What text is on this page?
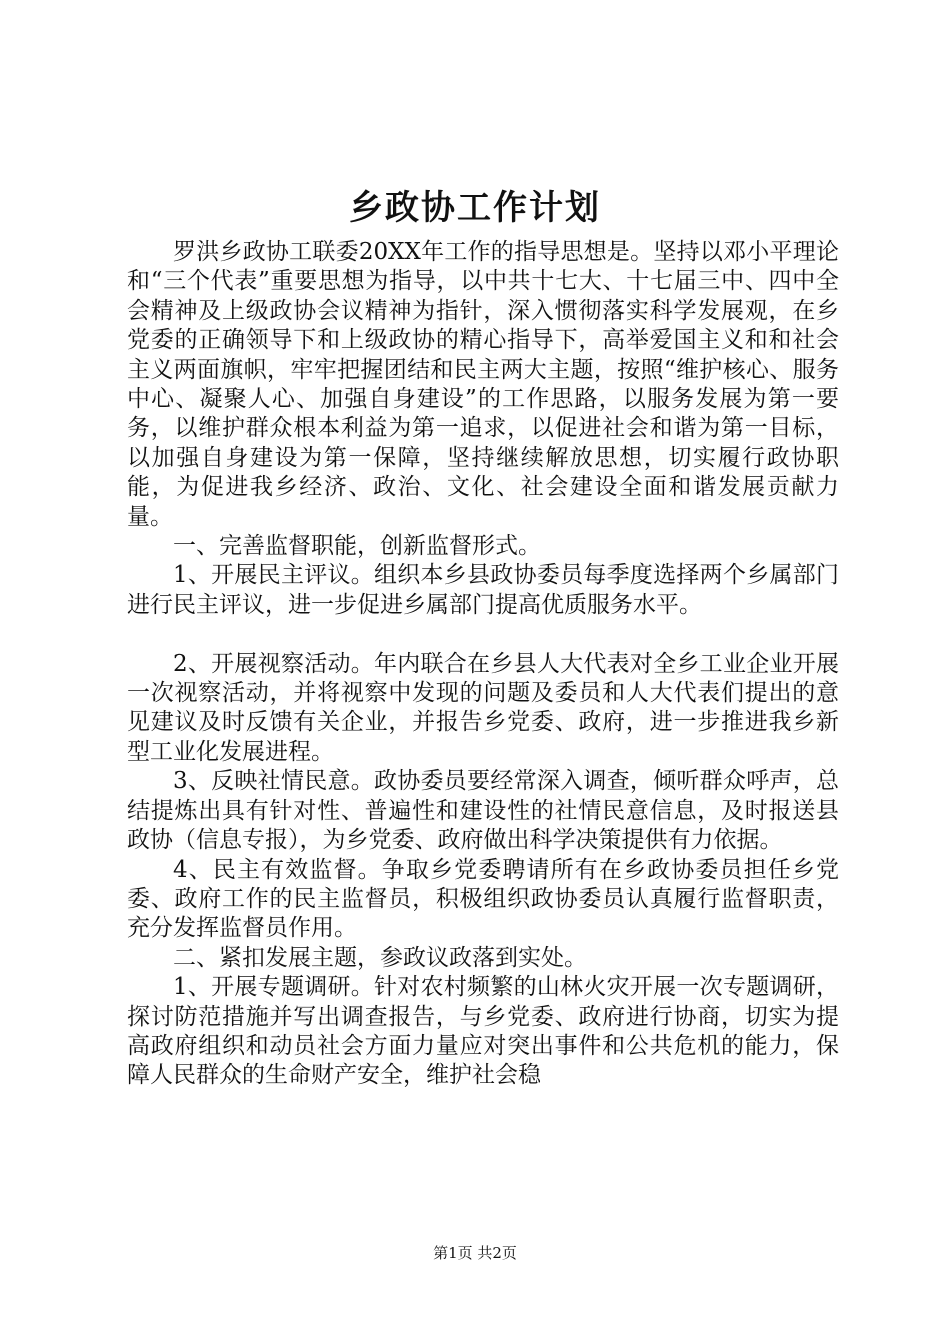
乡政协工作计划

罗洪乡政协工联委20XX年工作的指导思想是。坚持以邓小平理论和“三个代表”重要思想为指导，以中共十七大、十七届三中、四中全会精神及上级政协会议精神为指针，深入惯彻落实科学发展观，在乡党委的正确领导下和上级政协的精心指导下，高举爱国主义和和社会主义两面旗帜，牢牢把握团结和民主两大主题，按照“维护核心、服务中心、凝聚人心、加强自身建设”的工作思路，以服务发展为第一要务，以维护群众根本利益为第一追求，以促进社会和谐为第一目标，以加强自身建设为第一保障，坚持继续解放思想，切实履行政协职能，为促进我乡经济、政治、文化、社会建设全面和谐发展贡献力量。

一、完善监督职能，创新监督形式。

1、开展民主评议。组织本乡县政协委员每季度选择两个乡属部门进行民主评议，进一步促进乡属部门提高优质服务水平。

2、开展视察活动。年内联合在乡县人大代表对全乡工业企业开展一次视察活动，并将视察中发现的问题及委员和人大代表们提出的意见建议及时反馈有关企业，并报告乡党委、政府，进一步推进我乡新型工业化发展进程。

3、反映社情民意。政协委员要经常深入调查，倾听群众呼声，总结提炼出具有针对性、普遍性和建设性的社情民意信息，及时报送县政协（信息专报），为乡党委、政府做出科学决策提供有力依据。

4、民主有效监督。争取乡党委聘请所有在乡政协委员担任乡党委、政府工作的民主监督员，积极组织政协委员认真履行监督职责，充分发挥监督员作用。

二、紧扣发展主题，参政议政落到实处。

1、开展专题调研。针对农村频繁的山林火灾开展一次专题调研，探讨防范措施并写出调查报告，与乡党委、政府进行协商，切实为提高政府组织和动员社会方面力量应对突出事件和公共危机的能力，保障人民群众的生命财产安全，维护社会稳

第1页 共2页
